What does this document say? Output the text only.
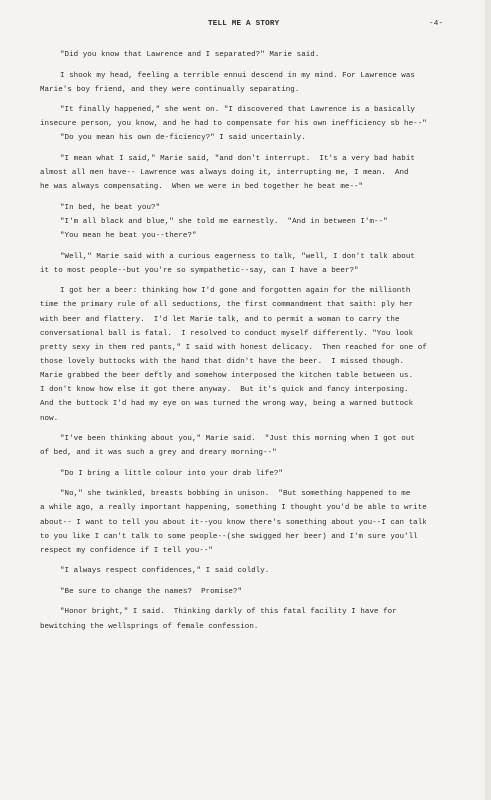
TELL ME A STORY	-4-
"Did you know that Lawrence and I separated?" Marie said.
I shook my head, feeling a terrible ennui descend in my mind. For Lawrence was
Marie's boy friend, and they were continually separating.
"It finally happened," she went on. "I discovered that Lawrence is a basically
insecure person, you know, and he had to compensate for his own inefficiency sb he--"
"Do you mean his own de-ficiency?" I said uncertainly.
"I mean what I said," Marie said, "and don't interrupt.  It's a very bad habit
almost all men have-- Lawrence was always doing it, interrupting me, I mean.  And
he was always compensating.  When we were in bed together he beat me--"
"In bed, he beat you?"
"I'm all black and blue," she told me earnestly.  "And in between I'm--"
"You mean he beat you--there?"
"Well," Marie said with a curious eagerness to talk, "well, I don't talk about
it to most people--but you're so sympathetic--say, can I have a beer?"
I got her a beer: thinking how I'd gone and forgotten again for the millionth
time the primary rule of all seductions, the first commandment that saith: ply her
with beer and flattery.  I'd let Marie talk, and to permit a woman to carry the
conversational ball is fatal.  I resolved to conduct myself differently. "You look
pretty sexy in them red pants," I said with honest delicacy.  Then reached for one of
those lovely buttocks with the hand that didn't have the beer.  I missed though.
Marie grabbed the beer deftly and somehow interposed the kitchen table between us.
I don't know how else it got there anyway.  But it's quick and fancy interposing.
And the buttock I'd had my eye on was turned the wrong way, being a warned buttock
now.
"I've been thinking about you," Marie said.  "Just this morning when I got out
of bed, and it was such a grey and dreary morning--"
"Do I bring a little colour into your drab life?"
"No," she twinkled, breasts bobbing in unison.  "But something happened to me
a while ago, a really important happening, something I thought you'd be able to write
about-- I want to tell you about it--you know there's something about you--I can talk
to you like I can't talk to some people--(she swigged her beer) and I'm sure you'll
respect my confidence if I tell you--"
"I always respect confidences," I said coldly.
"Be sure to change the names?  Promise?"
"Honor bright," I said.  Thinking darkly of this fatal facility I have for
bewitching the wellsprings of female confession.
